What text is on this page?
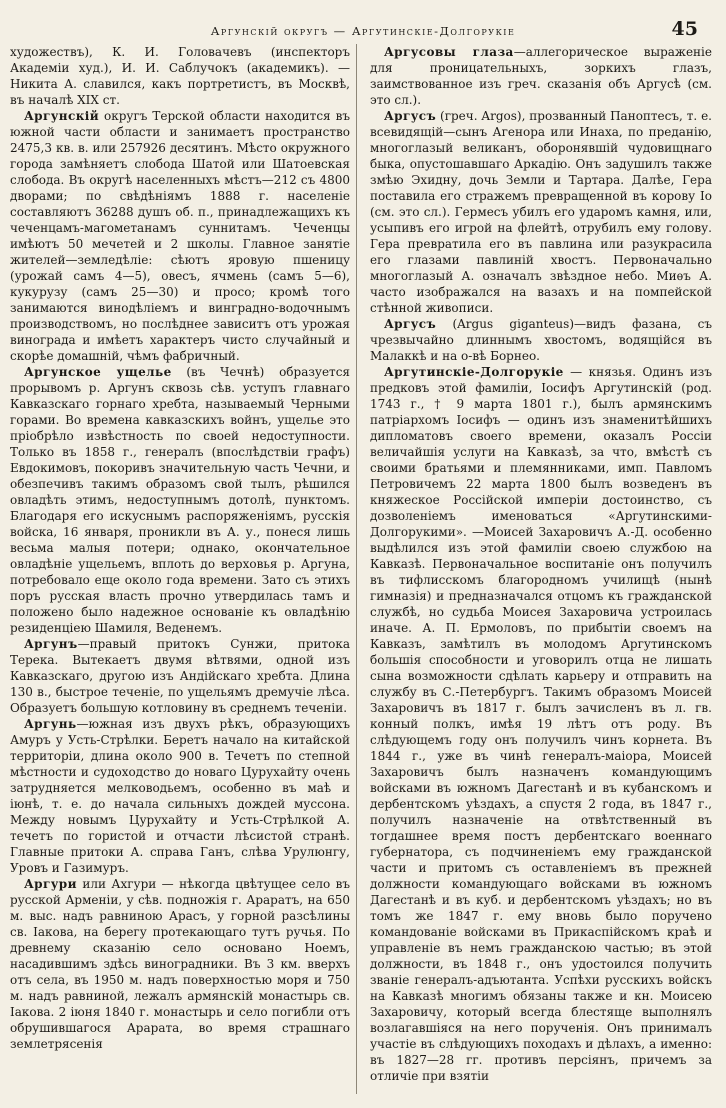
Аргунскій округъ — Аргутинскіе-Долгорукіе	45

художествъ), К. И. Головачевъ (инспекторъ Академіи худ.), И. И. Саблучокъ (академикъ). — Никита А. славился, какъ портретистъ, въ Москвѣ, въ началѣ XIX ст.

Аргунскій округъ Терской области находится въ южной части области и занимаетъ пространство 2475,3 кв. в. или 257926 десятинъ. Мѣсто окружного города замѣняетъ слобода Шатой или Шатоевская слобода. Въ округѣ населенныхъ мѣстъ—212 съ 4800 дворами; по свѣдѣніямъ 1888 г. населеніе составляютъ 36288 душъ об. п., принадлежащихъ къ чеченцамъ-магометанамъ суннитамъ. Чеченцы имѣютъ 50 мечетей и 2 школы. Главное занятіе жителей—земледѣліе: сѣютъ яровую пшеницу (урожай самъ 4—5), овесъ, ячмень (самъ 5—6), кукурузу (самъ 25—30) и просо; кромѣ того занимаются винодѣліемъ и винградно-водочнымъ производствомъ, но послѣднее зависитъ отъ урожая винограда и имѣетъ характеръ чисто случайный и скорѣе домашній, чѣмъ фабричный.

Аргунское ущелье (въ Чечнѣ) образуется прорывомъ р. Аргунъ сквозь сѣв. уступъ главнаго Кавказскаго горнаго хребта, называемый Черными горами. Во времена кавказскихъ войнъ, ущелье это пріобрѣло извѣстность по своей недоступности. Только въ 1858 г., генералъ (впослѣдствіи графъ) Евдокимовъ, покоривъ значительную часть Чечни, и обезпечивъ такимъ образомъ свой тылъ, рѣшился овладѣть этимъ, недоступнымъ дотолѣ, пунктомъ. Благодаря его искуснымъ распоряженіямъ, русскія войска, 16 января, проникли въ А. у., понеся лишь весьма малыя потери; однако, окончательное овладѣніе ущельемъ, вплоть до верховья р. Аргуна, потребовало еще около года времени. Зато съ этихъ поръ русская власть прочно утвердилась тамъ и положено было надежное основаніе къ овладѣнію резиденціею Шамиля, Веденемъ.

Аргунъ—правый притокъ Сунжи, притока Терека. Вытекаетъ двумя вѣтвями, одной изъ Кавказскаго, другою изъ Андійскаго хребта. Длина 130 в., быстрое теченіе, по ущельямъ дремучіе лѣса. Образуетъ большую котловину въ среднемъ теченіи.

Аргунь—южная изъ двухъ рѣкъ, образующихъ Амуръ у Усть-Стрѣлки. Беретъ начало на китайской территоріи, длина около 900 в. Течетъ по степной мѣстности и судоходство до новаго Цурухайту очень затрудняется мелководьемъ, особенно въ маѣ и іюнѣ, т. е. до начала сильныхъ дождей муссона. Между новымъ Цурухайту и Усть-Стрѣлкой А. течетъ по гористой и отчасти лѣсистой странѣ. Главные притоки А. справа Ганъ, слѣва Урулюнгу, Уровъ и Газимуръ.

Аргури или Ахгури — нѣкогда цвѣтущее село въ русской Арменіи, у сѣв. подножія г. Араратъ, на 650 м. выс. надъ равниною Арасъ, у горной разсѣлины св. Іакова, на берегу протекающаго тутъ ручья. По древнему сказанію село основано Ноемъ, насадившимъ здѣсь виноградники. Въ 3 км. вверхъ отъ села, въ 1950 м. надъ поверхностью моря и 750 м. надъ равниной, лежалъ армянскій монастырь св. Іакова. 2 іюня 1840 г. монастырь и село погибли отъ обрушившагося Арарата, во время страшнаго землетрясенія

Аргусовы глаза—аллегорическое выраженіе для проницательныхъ, зоркихъ глазъ, заимствованное изъ греч. сказанія объ Аргусѣ (см. это сл.).

Аргусъ (греч. Argos), прозванный Паноптесъ, т. е. всевидящій—сынъ Агенора или Инаха, по преданію, многоглазый великанъ, оборонявшій чудовищнаго быка, опустошавшаго Аркадію. Онъ задушилъ также змѣю Эхидну, дочь Земли и Тартара. Далѣе, Гера поставила его стражемъ превращенной въ корову Іо (см. это сл.). Гермесъ убилъ его ударомъ камня, или, усыпивъ его игрой на флейтѣ, отрубилъ ему голову. Гера превратила его въ павлина или разукрасила его глазами павлиній хвостъ. Первоначально многоглазый А. означалъ звѣздное небо. Миѳъ А. часто изображался на вазахъ и на помпейской стѣнной живописи.

Аргусъ (Argus giganteus)—видъ фазана, съ чрезвычайно длиннымъ хвостомъ, водящійся въ Малаккѣ и на о-вѣ Борнео.

Аргутинскіе-Долгорукіе — князья. Одинъ изъ предковъ этой фамиліи, Іосифъ Аргутинскій (род. 1743 г., † 9 марта 1801 г.), былъ армянскимъ патріархомъ Іосифъ — одинъ изъ знаменитѣйшихъ дипломатовъ своего времени, оказалъ Россіи величайшія услуги на Кавказѣ, за что, вмѣстѣ съ своими братьями и племянниками, имп. Павломъ Петровичемъ 22 марта 1800 былъ возведенъ въ княжеское Россійской имперіи достоинство, съ дозволеніемъ именоваться «Аргутинскими-Долгорукими». —Моисей Захаровичъ А.-Д. особенно выдѣлился изъ этой фамиліи своею службою на Кавказѣ. Первоначальное воспитаніе онъ получилъ въ тифлисскомъ благородномъ училищѣ (нынѣ гимназія) и предназначался отцомъ къ гражданской службѣ, но судьба Моисея Захаровича устроилась иначе. А. П. Ермоловъ, по прибытіи своемъ на Кавказъ, замѣтилъ въ молодомъ Аргутинскомъ большія способности и уговорилъ отца не лишать сына возможности сдѣлать карьеру и отправить на службу въ С.-Петербургъ. Такимъ образомъ Моисей Захаровичъ въ 1817 г. былъ зачисленъ въ л. гв. конный полкъ, имѣя 19 лѣтъ отъ роду. Въ слѣдующемъ году онъ получилъ чинъ корнета. Въ 1844 г., уже въ чинѣ генералъ-маіора, Моисей Захаровичъ былъ назначенъ командующимъ войсками въ южномъ Дагестанѣ и въ кубанскомъ и дербентскомъ уѣздахъ, а спустя 2 года, въ 1847 г., получилъ назначеніе на отвѣтственный въ тогдашнее время постъ дербентскаго военнаго губернатора, съ подчиненіемъ ему гражданской части и притомъ съ оставленіемъ въ прежней должности командующаго войсками въ южномъ Дагестанѣ и въ куб. и дербентскомъ уѣздахъ; но въ томъ же 1847 г. ему вновь было поручено командованіе войсками въ Прикаспійскомъ краѣ и управленіе въ немъ гражданскою частью; въ этой должности, въ 1848 г., онъ удостоился получить званіе генералъ-адъютанта. Успѣхи русскихъ войскъ на Кавказѣ многимъ обязаны также и кн. Моисею Захаровичу, который всегда блестяще выполнялъ возлагавшіяся на него порученія. Онъ принималъ участіе въ слѣдующихъ походахъ и дѣлахъ, а именно: въ 1827—28 гг. противъ персіянъ, причемъ за отличіе при взятіи
